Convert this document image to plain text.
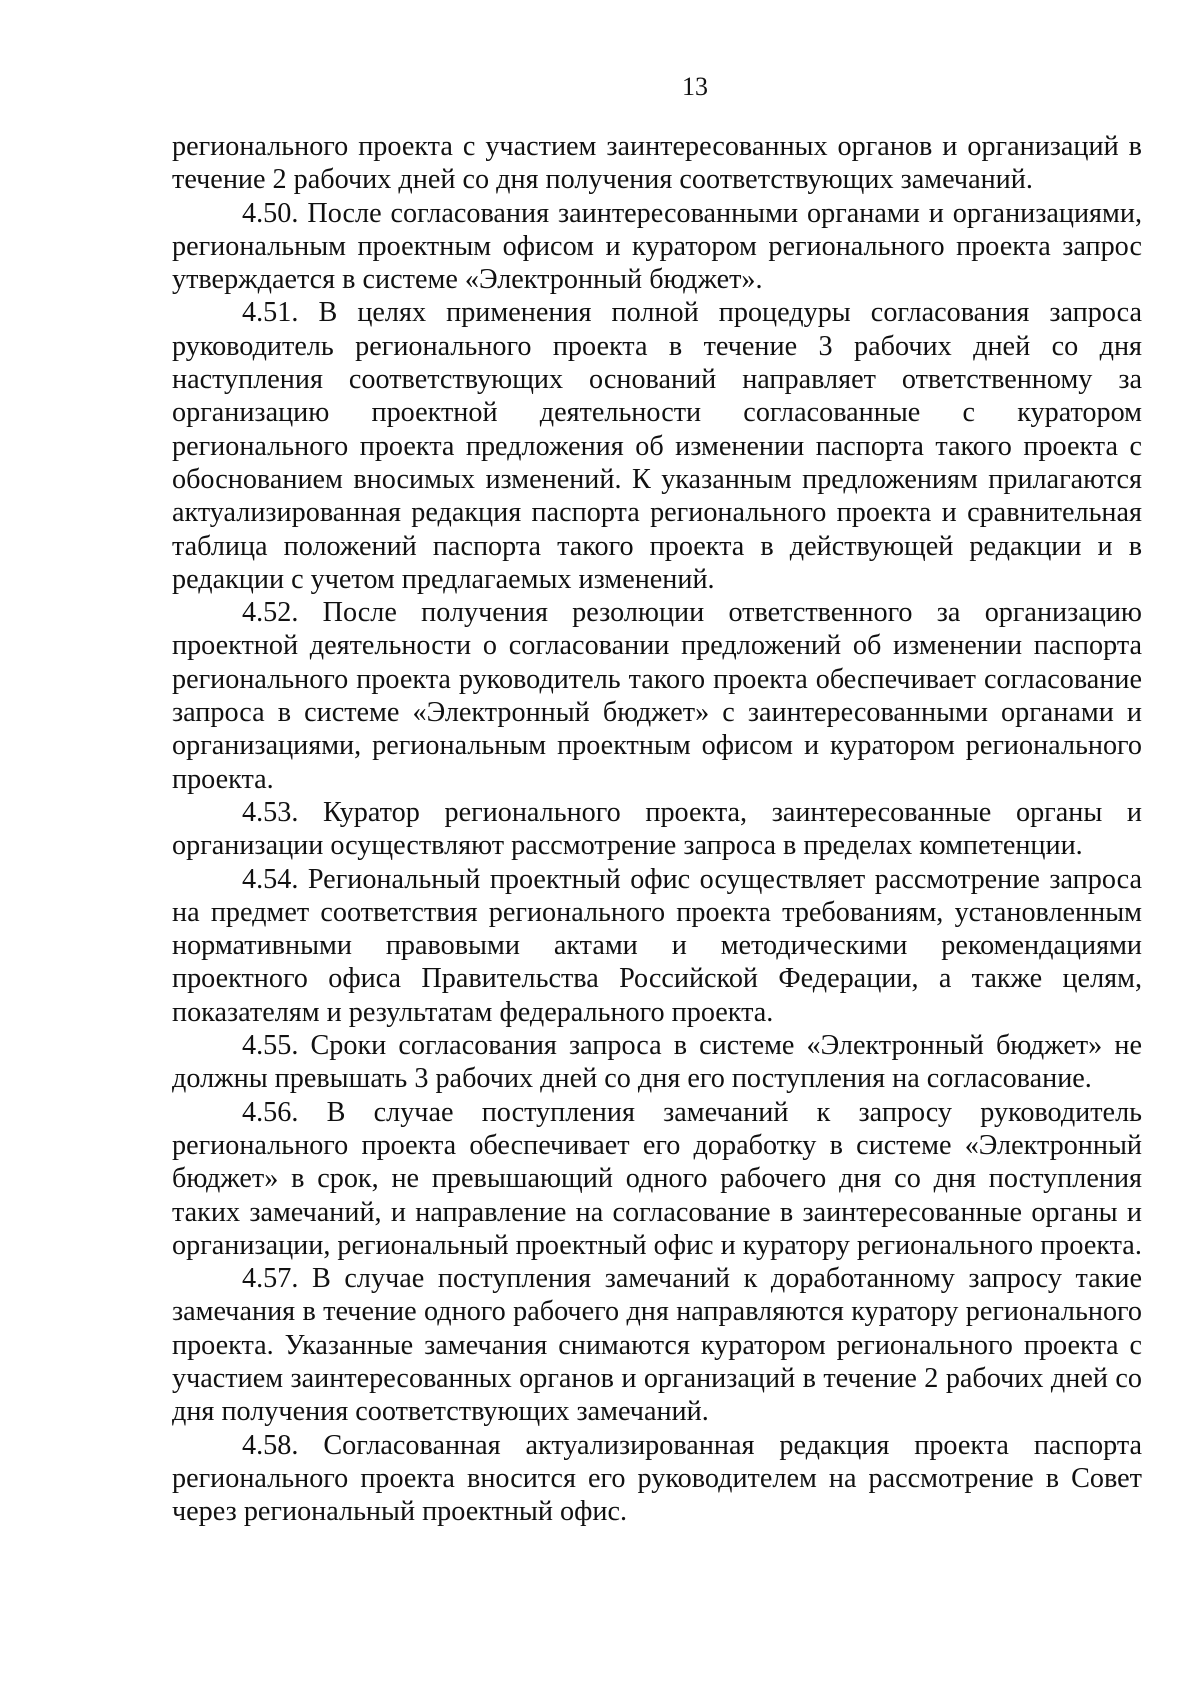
13

регионального проекта с участием заинтересованных органов и организаций в течение 2 рабочих дней со дня получения соответствующих замечаний.

4.50. После согласования заинтересованными органами и организациями, региональным проектным офисом и куратором регионального проекта запрос утверждается в системе «Электронный бюджет».

4.51. В целях применения полной процедуры согласования запроса руководитель регионального проекта в течение 3 рабочих дней со дня наступления соответствующих оснований направляет ответственному за организацию проектной деятельности согласованные с куратором регионального проекта предложения об изменении паспорта такого проекта с обоснованием вносимых изменений. К указанным предложениям прилагаются актуализированная редакция паспорта регионального проекта и сравнительная таблица положений паспорта такого проекта в действующей редакции и в редакции с учетом предлагаемых изменений.

4.52. После получения резолюции ответственного за организацию проектной деятельности о согласовании предложений об изменении паспорта регионального проекта руководитель такого проекта обеспечивает согласование запроса в системе «Электронный бюджет» с заинтересованными органами и организациями, региональным проектным офисом и куратором регионального проекта.

4.53. Куратор регионального проекта, заинтересованные органы и организации осуществляют рассмотрение запроса в пределах компетенции.

4.54. Региональный проектный офис осуществляет рассмотрение запроса на предмет соответствия регионального проекта требованиям, установленным нормативными правовыми актами и методическими рекомендациями проектного офиса Правительства Российской Федерации, а также целям, показателям и результатам федерального проекта.

4.55. Сроки согласования запроса в системе «Электронный бюджет» не должны превышать 3 рабочих дней со дня его поступления на согласование.

4.56. В случае поступления замечаний к запросу руководитель регионального проекта обеспечивает его доработку в системе «Электронный бюджет» в срок, не превышающий одного рабочего дня со дня поступления таких замечаний, и направление на согласование в заинтересованные органы и организации, региональный проектный офис и куратору регионального проекта.

4.57. В случае поступления замечаний к доработанному запросу такие замечания в течение одного рабочего дня направляются куратору регионального проекта. Указанные замечания снимаются куратором регионального проекта с участием заинтересованных органов и организаций в течение 2 рабочих дней со дня получения соответствующих замечаний.

4.58. Согласованная актуализированная редакция проекта паспорта регионального проекта вносится его руководителем на рассмотрение в Совет через региональный проектный офис.
